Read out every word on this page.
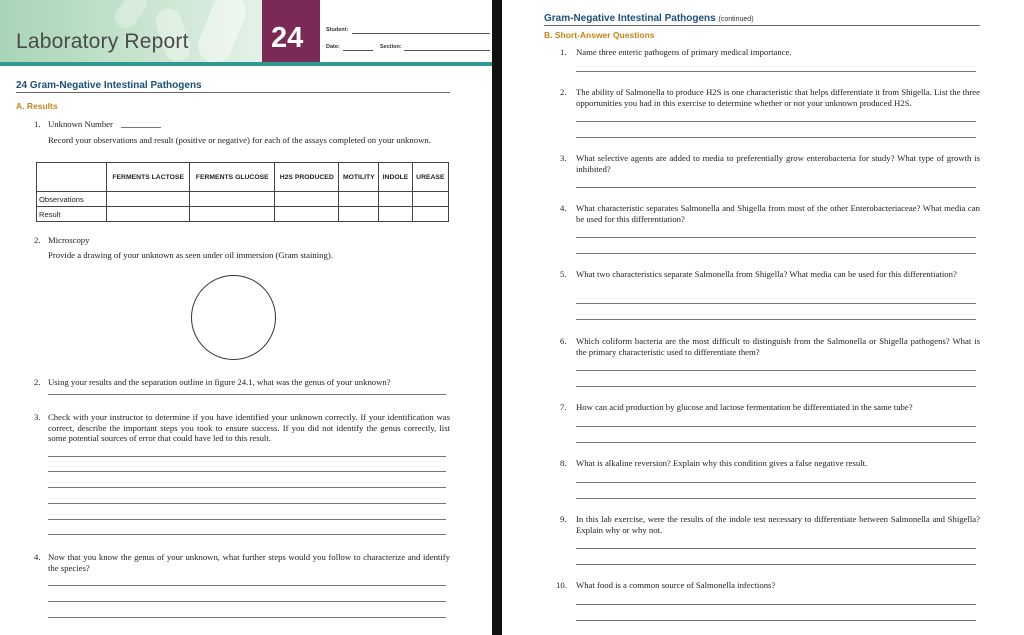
Laboratory Report	24	Student:
Date:	Section:
24 Gram-Negative Intestinal Pathogens
A. Results
1. Unknown Number
Record your observations and result (positive or negative) for each of the assays completed on your unknown.
	FERMENTS LACTOSE	FERMENTS GLUCOSE	H2S PRODUCED	MOTILITY	INDOLE	UREASE
Observations						
Result						
2. Microscopy
Provide a drawing of your unknown as seen under oil immersion (Gram staining).
2. Using your results and the separation outline in figure 24.1, what was the genus of your unknown?
3. Check with your instructor to determine if you have identified your unknown correctly. If your identification was correct, describe the important steps you took to ensure success. If you did not identify the genus correctly, list some potential sources of error that could have led to this result.
4. Now that you know the genus of your unknown, what further steps would you follow to characterize and identify the species?
Gram-Negative Intestinal Pathogens (continued)
B. Short-Answer Questions
1. Name three enteric pathogens of primary medical importance.
2. The ability of Salmonella to produce H2S is one characteristic that helps differentiate it from Shigella. List the three opportunities you had in this exercise to determine whether or not your unknown produced H2S.
3. What selective agents are added to media to preferentially grow enterobacteria for study? What type of growth is inhibited?
4. What characteristic separates Salmonella and Shigella from most of the other Enterobacteriaceae? What media can be used for this differentiation?
5. What two characteristics separate Salmonella from Shigella? What media can be used for this differentiation?
6. Which coliform bacteria are the most difficult to distinguish from the Salmonella or Shigella pathogens? What is the primary characteristic used to differentiate them?
7. How can acid production by glucose and lactose fermentation be differentiated in the same tube?
8. What is alkaline reversion? Explain why this condition gives a false negative result.
9. In this lab exercise, were the results of the indole test necessary to differentiate between Salmonella and Shigella? Explain why or why not.
10. What food is a common source of Salmonella infections?
